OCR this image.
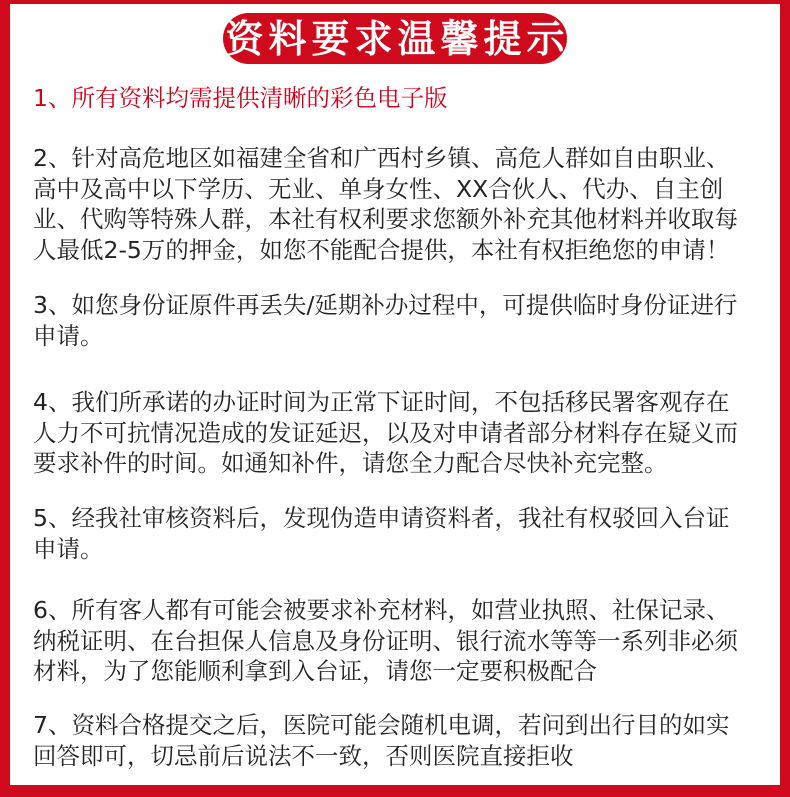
资料要求温馨提示
1、所有资料均需提供清晰的彩色电子版
2、针对高危地区如福建全省和广西村乡镇、高危人群如自由职业、
高中及高中以下学历、无业、单身女性、XX合伙人、代办、自主创
业、代购等特殊人群，本社有权利要求您额外补充其他材料并收取每
人最低2-5万的押金，如您不能配合提供，本社有权拒绝您的申请！
3、如您身份证原件再丢失/延期补办过程中，可提供临时身份证进行
申请。
4、我们所承诺的办证时间为正常下证时间，不包括移民署客观存在
人力不可抗情况造成的发证延迟，以及对申请者部分材料存在疑义而
要求补件的时间。如通知补件，请您全力配合尽快补充完整。
5、经我社审核资料后，发现伪造申请资料者，我社有权驳回入台证
申请。
6、所有客人都有可能会被要求补充材料，如营业执照、社保记录、
纳税证明、在台担保人信息及身份证明、银行流水等等一系列非必须
材料，为了您能顺利拿到入台证，请您一定要积极配合
7、资料合格提交之后，医院可能会随机电调，若问到出行目的如实
回答即可，切忌前后说法不一致，否则医院直接拒收
